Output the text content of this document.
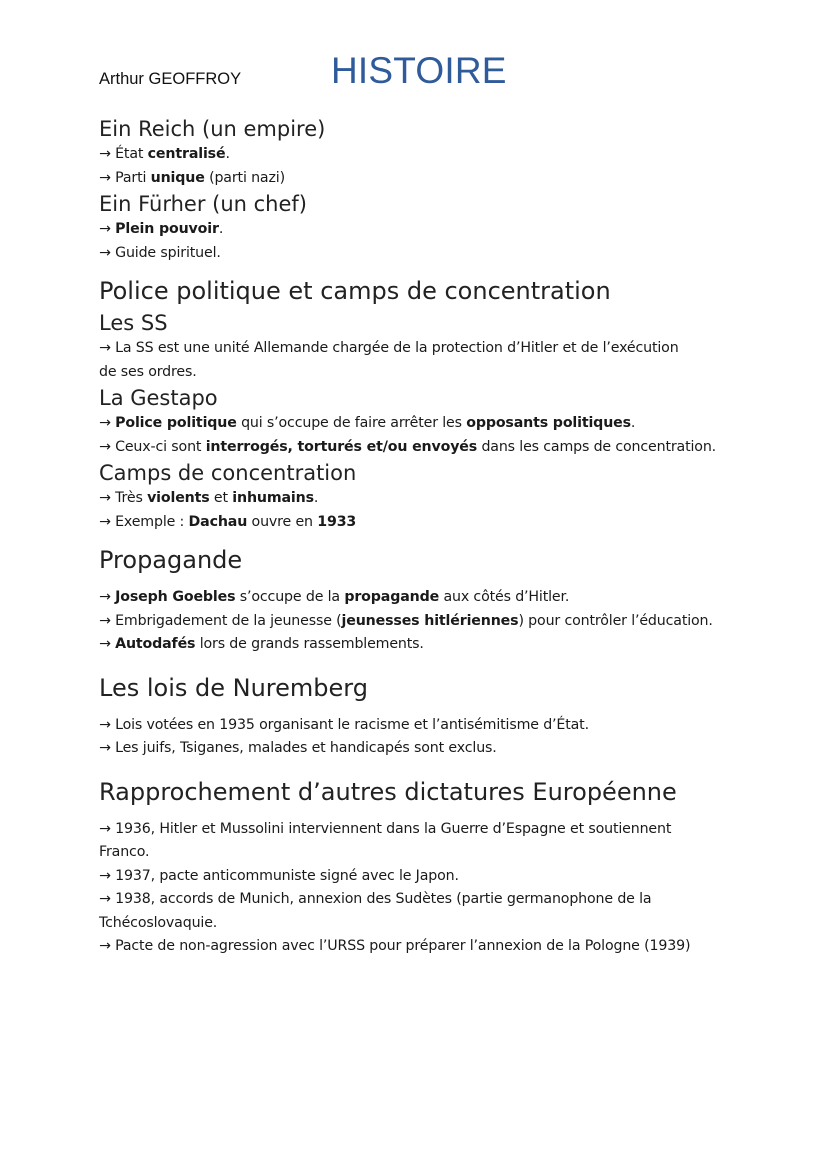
Arthur GEOFFROY HISTOIRE
Ein Reich (un empire)
→ État centralisé.
→ Parti unique (parti nazi)
Ein Fürher (un chef)
→ Plein pouvoir.
→ Guide spirituel.
Police politique et camps de concentration
Les SS
→ La SS est une unité Allemande chargée de la protection d’Hitler et de l’exécution
de ses ordres.
La Gestapo
→ Police politique qui s’occupe de faire arrêter les opposants politiques.
→ Ceux-ci sont interrogés, torturés et/ou envoyés dans les camps de concentration.
Camps de concentration
→ Très violents et inhumains.
→ Exemple : Dachau ouvre en 1933
Propagande
→ Joseph Goebles s’occupe de la propagande aux côtés d’Hitler.
→ Embrigadement de la jeunesse (jeunesses hitlériennes) pour contrôler l’éducation.
→ Autodafés lors de grands rassemblements.
Les lois de Nuremberg
→ Lois votées en 1935 organisant le racisme et l’antisémitisme d’État.
→ Les juifs, Tsiganes, malades et handicapés sont exclus.
Rapprochement d’autres dictatures Européenne
→ 1936, Hitler et Mussolini interviennent dans la Guerre d’Espagne et soutiennent
Franco.
→ 1937, pacte anticommuniste signé avec le Japon.
→ 1938, accords de Munich, annexion des Sudètes (partie germanophone de la
Tchécoslovaquie.
→ Pacte de non-agression avec l’URSS pour préparer l’annexion de la Pologne (1939)
